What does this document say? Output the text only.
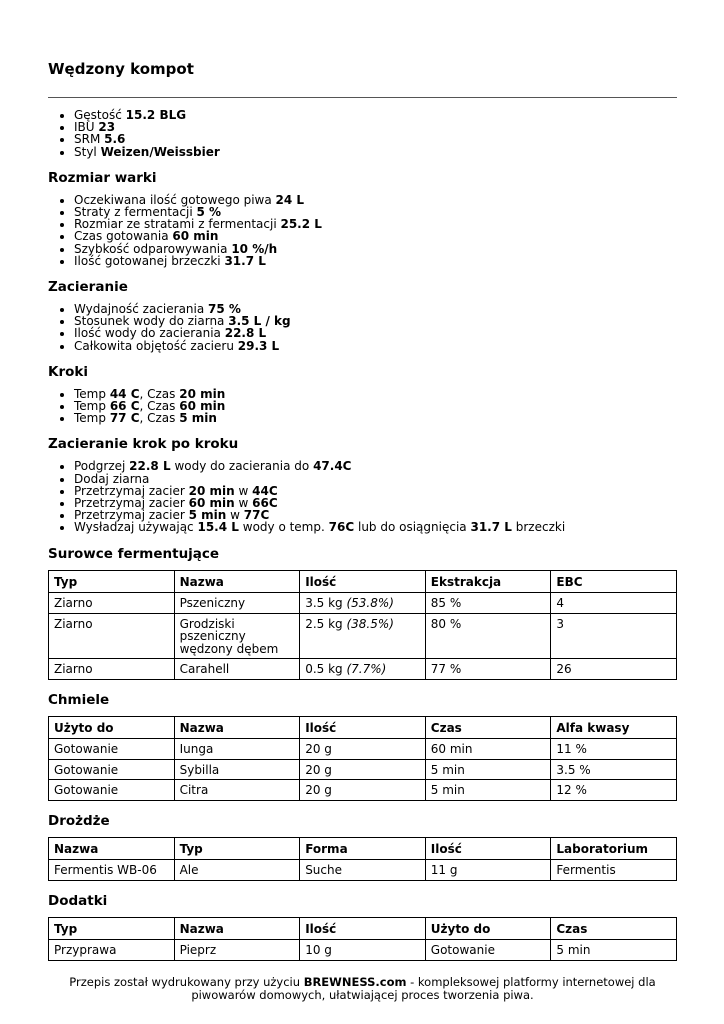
Wędzony kompot
• Gęstość 15.2 BLG
• IBU 23
• SRM 5.6
• Styl Weizen/Weissbier
Rozmiar warki
• Oczekiwana ilość gotowego piwa 24 L
• Straty z fermentacji 5 %
• Rozmiar ze stratami z fermentacji 25.2 L
• Czas gotowania 60 min
• Szybkość odparowywania 10 %/h
• Ilość gotowanej brzeczki 31.7 L
Zacieranie
• Wydajność zacierania 75 %
• Stosunek wody do ziarna 3.5 L / kg
• Ilość wody do zacierania 22.8 L
• Całkowita objętość zacieru 29.3 L
Kroki
• Temp 44 C, Czas 20 min
• Temp 66 C, Czas 60 min
• Temp 77 C, Czas 5 min
Zacieranie krok po kroku
• Podgrzej 22.8 L wody do zacierania do 47.4C
• Dodaj ziarna
• Przetrzymaj zacier 20 min w 44C
• Przetrzymaj zacier 60 min w 66C
• Przetrzymaj zacier 5 min w 77C
• Wysładzaj używając 15.4 L wody o temp. 76C lub do osiągnięcia 31.7 L brzeczki
Surowce fermentujące
Typ	Nazwa	Ilość	Ekstrakcja	EBC
Ziarno	Pszeniczny	3.5 kg (53.8%)	85 %	4
Ziarno	Grodziski pszeniczny wędzony dębem	2.5 kg (38.5%)	80 %	3
Ziarno	Carahell	0.5 kg (7.7%)	77 %	26
Chmiele
Użyto do	Nazwa	Ilość	Czas	Alfa kwasy
Gotowanie	Iunga	20 g	60 min	11 %
Gotowanie	Sybilla	20 g	5 min	3.5 %
Gotowanie	Citra	20 g	5 min	12 %
Drożdże
Nazwa	Typ	Forma	Ilość	Laboratorium
Fermentis WB-06	Ale	Suche	11 g	Fermentis
Dodatki
Typ	Nazwa	Ilość	Użyto do	Czas
Przyprawa	Pieprz	10 g	Gotowanie	5 min
Przepis został wydrukowany przy użyciu BREWNESS.com - kompleksowej platformy internetowej dla piwowarów domowych, ułatwiającej proces tworzenia piwa.
